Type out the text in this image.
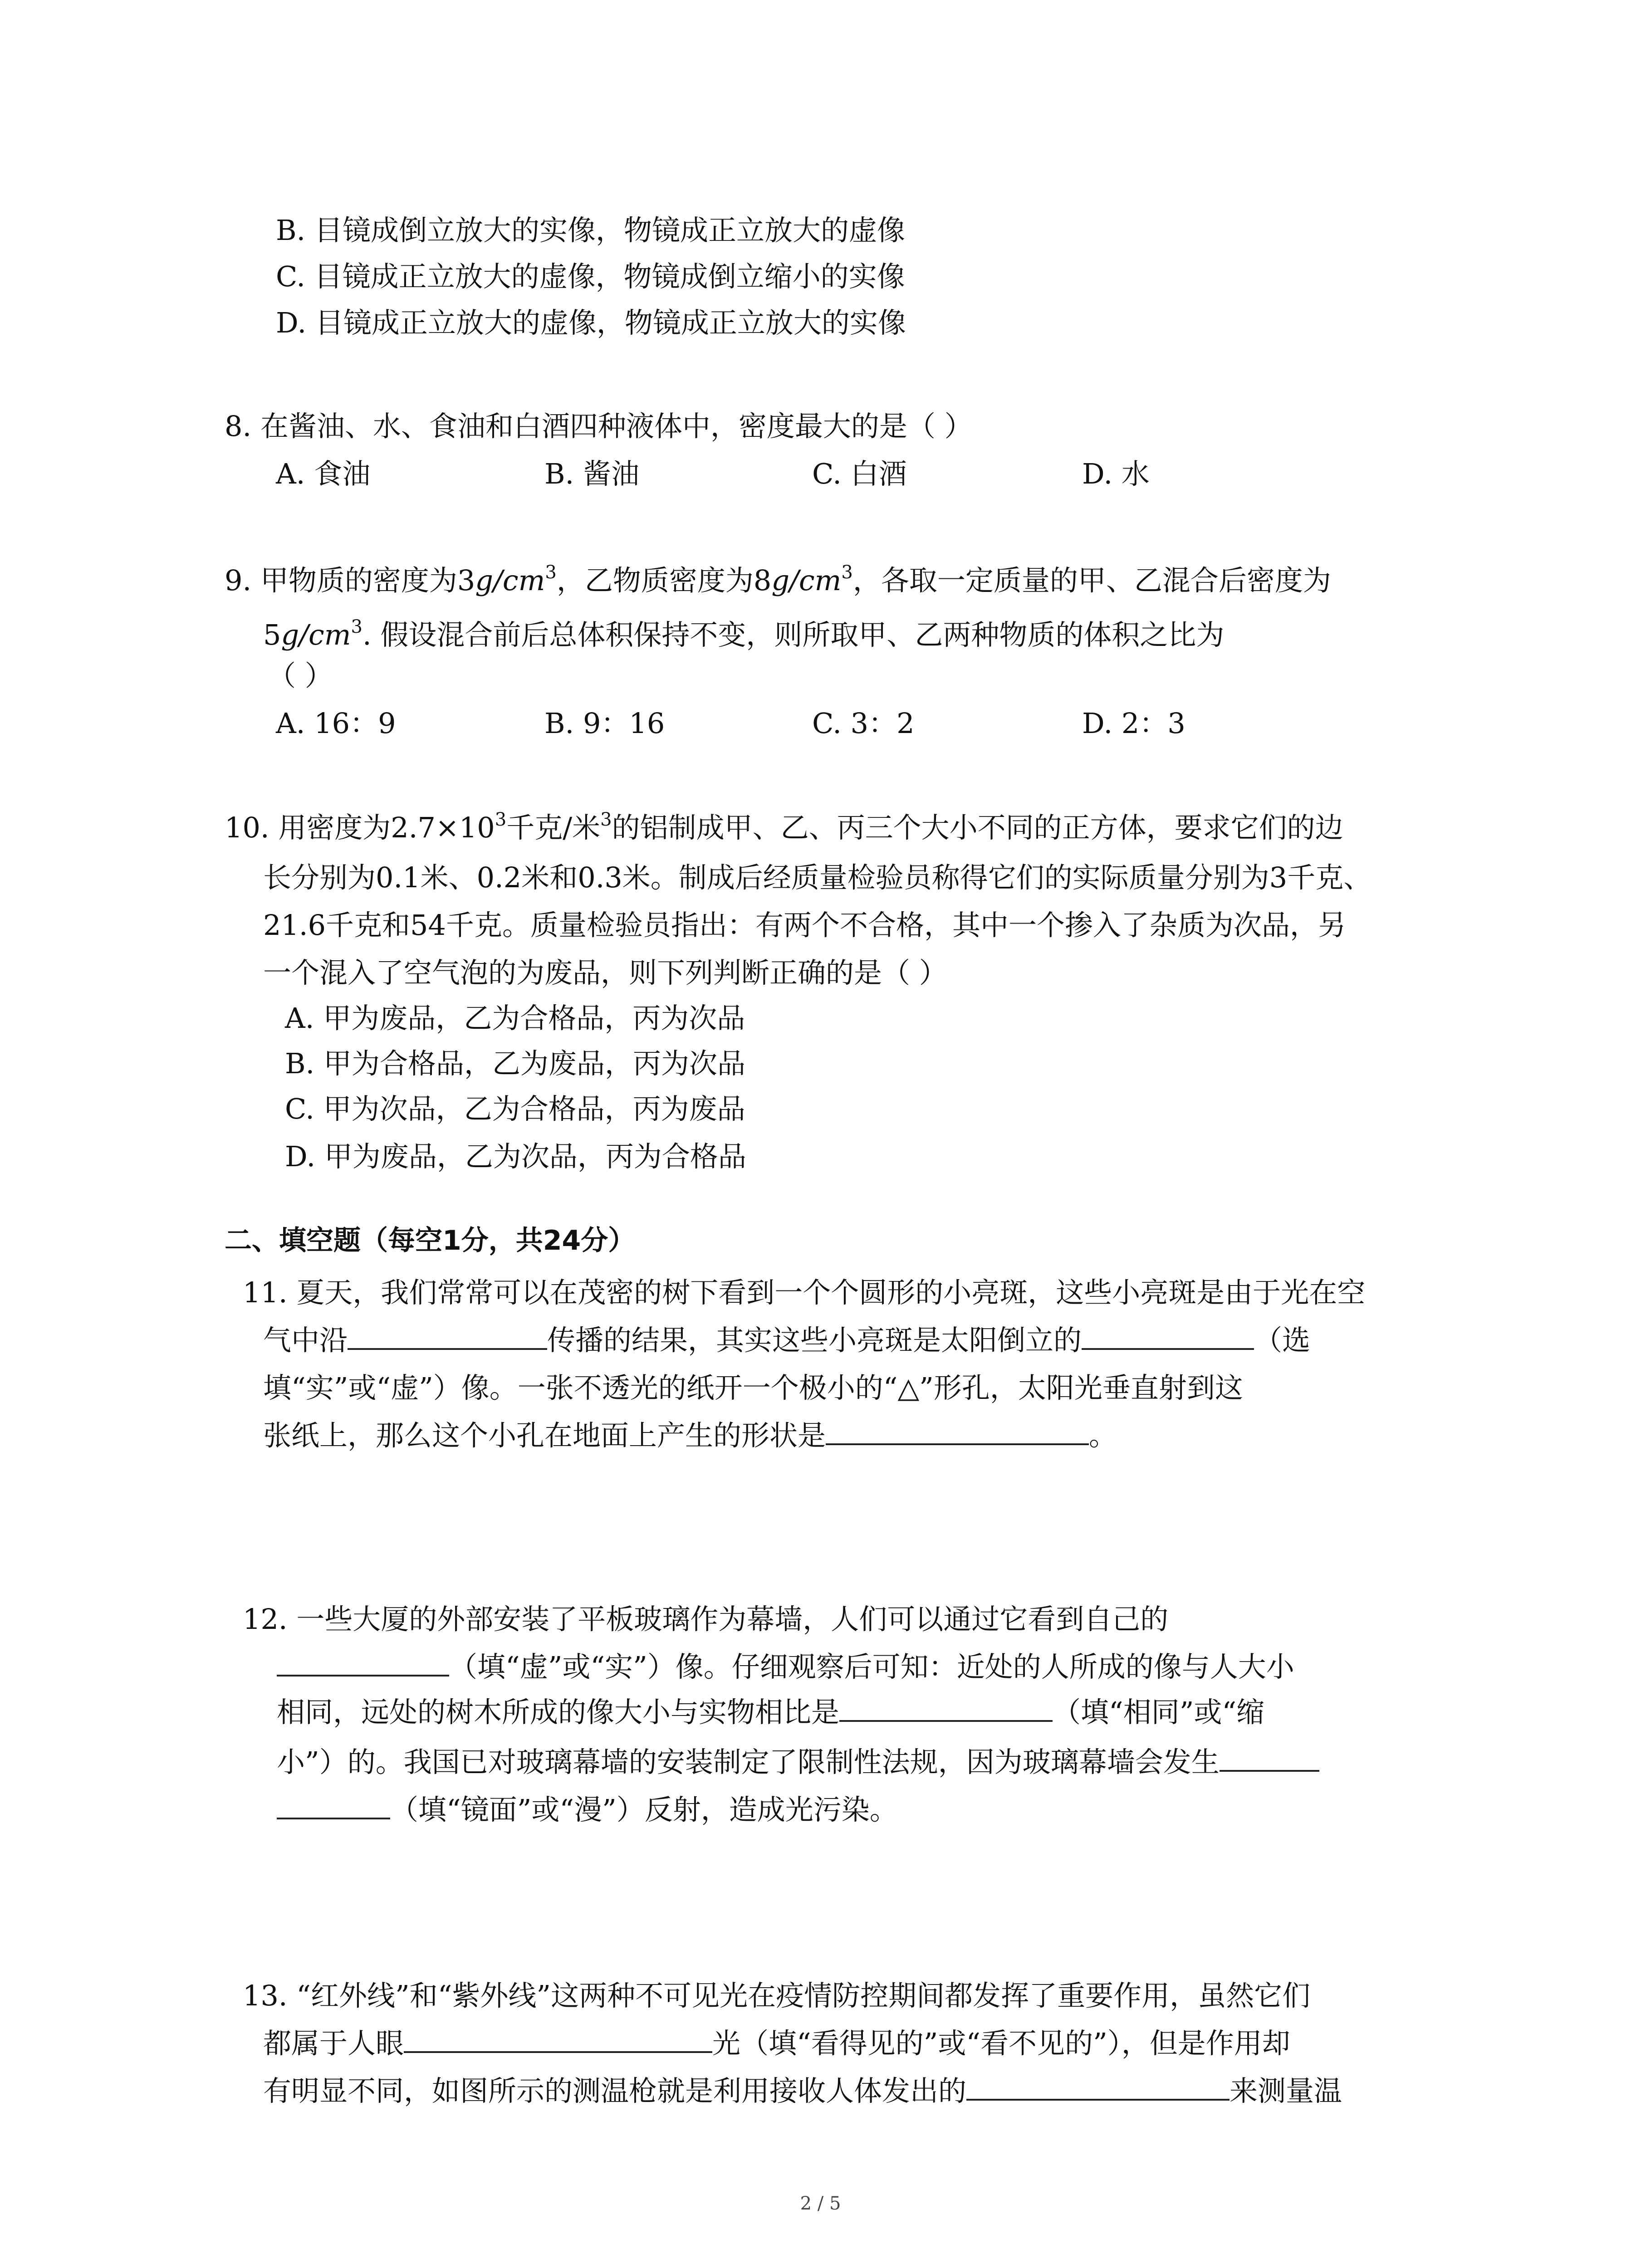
B. 目镜成倒立放大的实像，物镜成正立放大的虚像
C. 目镜成正立放大的虚像，物镜成倒立缩小的实像
D. 目镜成正立放大的虚像，物镜成正立放大的实像
8. 在酱油、水、食油和白酒四种液体中，密度最大的是（ ）
A. 食油	B. 酱油	C. 白酒	D. 水
9. 甲物质的密度为$3g/cm^3$，乙物质密度为$8g/cm^3$，各取一定质量的甲、乙混合后密度为
$5g/cm^3$. 假设混合前后总体积保持不变，则所取甲、乙两种物质的体积之比为
（ ）
A. 16：9	B. 9：16	C. 3：2	D. 2：3
10. 用密度为$2.7\times 10^3$千克/米$^3$的铝制成甲、乙、丙三个大小不同的正方体，要求它们的边
长分别为0.1米、0.2米和0.3米。制成后经质量检验员称得它们的实际质量分别为3千克、
21.6千克和54千克。质量检验员指出：有两个不合格，其中一个掺入了杂质为次品，另
一个混入了空气泡的为废品，则下列判断正确的是（ ）
A. 甲为废品，乙为合格品，丙为次品
B. 甲为合格品，乙为废品，丙为次品
C. 甲为次品，乙为合格品，丙为废品
D. 甲为废品，乙为次品，丙为合格品
二、填空题（每空1分，共24分）
11. 夏天，我们常常可以在茂密的树下看到一个个圆形的小亮斑，这些小亮斑是由于光在空
气中沿	传播的结果，其实这些小亮斑是太阳倒立的	（选
填“实”或“虚”）像。一张不透光的纸开一个极小的“△”形孔，太阳光垂直射到这
张纸上，那么这个小孔在地面上产生的形状是	。
12. 一些大厦的外部安装了平板玻璃作为幕墙，人们可以通过它看到自己的
（填“虚”或“实”）像。仔细观察后可知：近处的人所成的像与人大小
相同，远处的树木所成的像大小与实物相比是	（填“相同”或“缩
小”）的。我国已对玻璃幕墙的安装制定了限制性法规，因为玻璃幕墙会发生
（填“镜面”或“漫”）反射，造成光污染。
13. “红外线”和“紫外线”这两种不可见光在疫情防控期间都发挥了重要作用，虽然它们
都属于人眼	光（填“看得见的”或“看不见的”），但是作用却
有明显不同，如图所示的测温枪就是利用接收人体发出的	来测量温
2 / 5
